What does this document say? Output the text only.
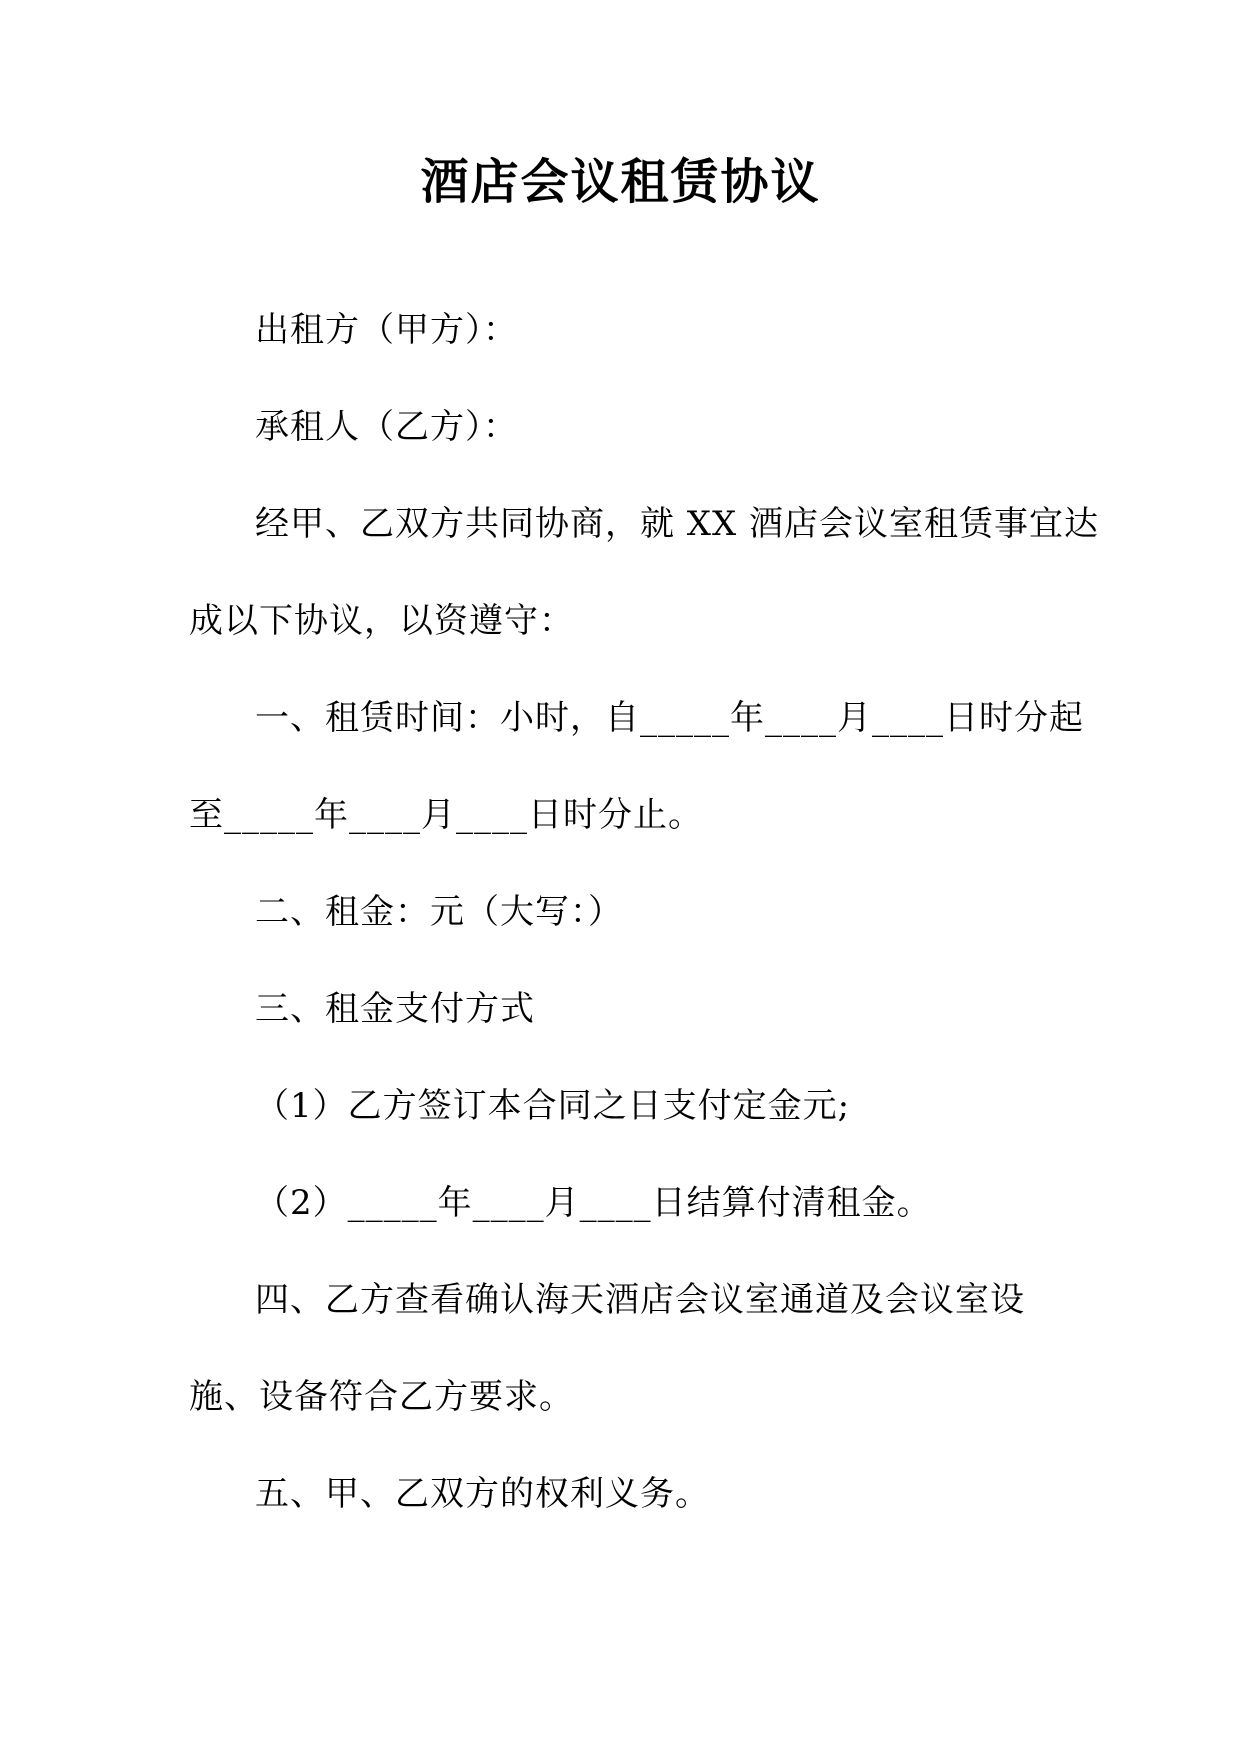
酒店会议租赁协议
出租方（甲方）：
承租人（乙方）：
经甲、乙双方共同协商，就 XX 酒店会议室租赁事宜达
成以下协议，以资遵守：
一、租赁时间：小时，自_____年____月____日时分起
至_____年____月____日时分止。
二、租金：元（大写：）
三、租金支付方式
（1）乙方签订本合同之日支付定金元;
（2）_____年____月____日结算付清租金。
四、乙方查看确认海天酒店会议室通道及会议室设
施、设备符合乙方要求。
五、甲、乙双方的权利义务。
